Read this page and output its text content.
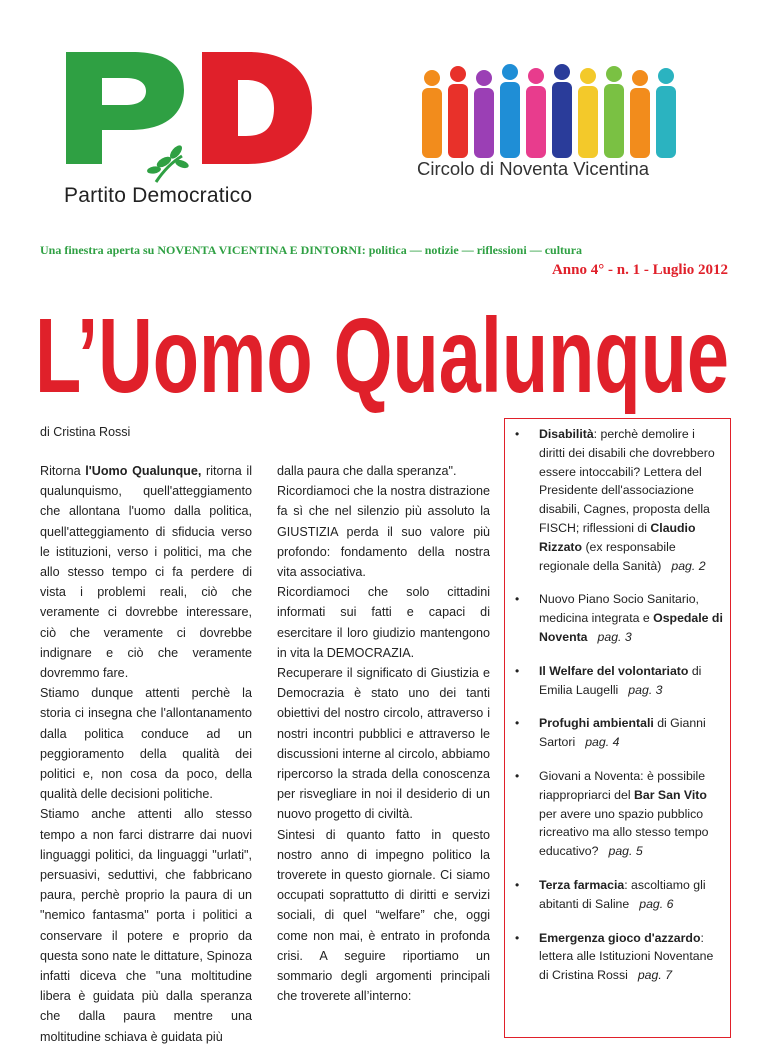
Partito Democratico
Circolo di Noventa Vicentina
Una finestra aperta su NOVENTA VICENTINA E DINTORNI: politica — notizie — riflessioni — cultura
Anno 4° - n. 1 - Luglio 2012
L’Uomo Qualunque
di Cristina Rossi

Ritorna l'Uomo Qualunque, ritorna il qualunquismo, quell'atteggiamento che allontana l'uomo dalla politica, quell'atteggiamento di sfiducia verso le istituzioni, verso i politici, ma che allo stesso tempo ci fa perdere di vista i problemi reali, ciò che veramente ci dovrebbe interessare, ciò che veramente ci dovrebbe indignare e ciò che veramente dovremmo fare.

Stiamo dunque attenti perchè la storia ci insegna che l'allontanamento dalla politica conduce ad un peggioramento della qualità dei politici e, non cosa da poco, della qualità delle decisioni politiche.

Stiamo anche attenti allo stesso tempo a non farci distrarre dai nuovi linguaggi politici, da linguaggi "urlati", persuasivi, seduttivi, che fabbricano paura, perchè proprio la paura di un "nemico fantasma" porta i politici a conservare il potere e proprio da questa sono nate le dittature, Spinoza infatti diceva che "una moltitudine libera è guidata più dalla speranza che dalla paura mentre una moltitudine schiava è guidata più

dalla paura che dalla speranza".

Ricordiamoci che la nostra distrazione fa sì che nel silenzio più assoluto la GIUSTIZIA perda il suo valore più profondo: fondamento della nostra vita associativa.

Ricordiamoci che solo cittadini informati sui fatti e capaci di esercitare il loro giudizio mantengono in vita la DEMOCRAZIA.

Recuperare il significato di Giustizia e Democrazia è stato uno dei tanti obiettivi del nostro circolo, attraverso i nostri incontri pubblici e attraverso le discussioni interne al circolo, abbiamo ripercorso la strada della conoscenza per risvegliare in noi il desiderio di un nuovo progetto di civiltà.

Sintesi di quanto fatto in questo nostro anno di impegno politico la troverete in questo giornale. Ci siamo occupati soprattutto di diritti e servizi sociali, di quel “welfare” che, oggi come non mai, è entrato in profonda crisi. A seguire riportiamo un sommario degli argomenti principali che troverete all’interno:

• Disabilità: perchè demolire i diritti dei disabili che dovrebbero essere intoccabili? Lettera del Presidente dell'associazione disabili, Cagnes, proposta della FISCH; riflessioni di Claudio Rizzato (ex responsabile regionale della Sanità) pag. 2
• Nuovo Piano Socio Sanitario, medicina integrata e Ospedale di Noventa pag. 3
• Il Welfare del volontariato di Emilia Laugelli pag. 3
• Profughi ambientali di Gianni Sartori pag. 4
• Giovani a Noventa: è possibile riappropriarci del Bar San Vito per avere uno spazio pubblico ricreativo ma allo stesso tempo educativo? pag. 5
• Terza farmacia: ascoltiamo gli abitanti di Saline pag. 6
• Emergenza gioco d'azzardo: lettera alle Istituzioni Noventane di Cristina Rossi pag. 7
